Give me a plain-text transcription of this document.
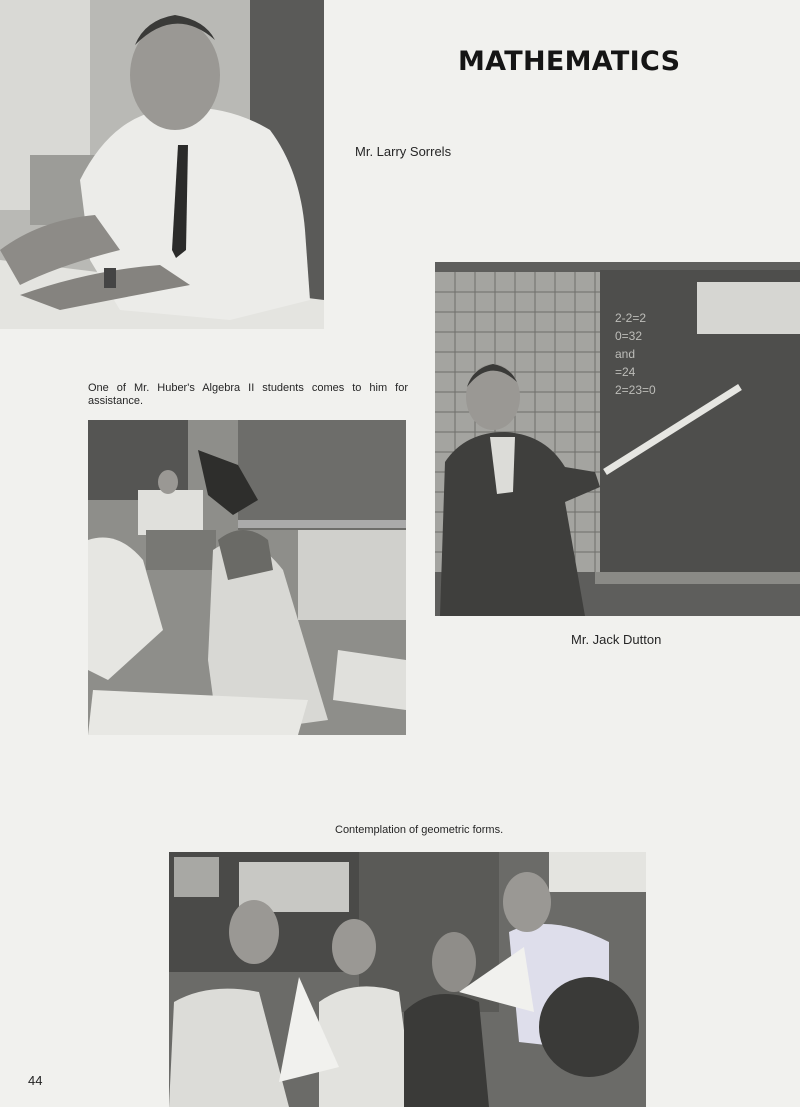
MATHEMATICS
Mr. Larry Sorrels
2-2=2
0=32
and
=24
2=23=0
Mr. Jack Dutton
One of Mr. Huber's Algebra II students comes to him for assistance.
Contemplation of geometric forms.
44
